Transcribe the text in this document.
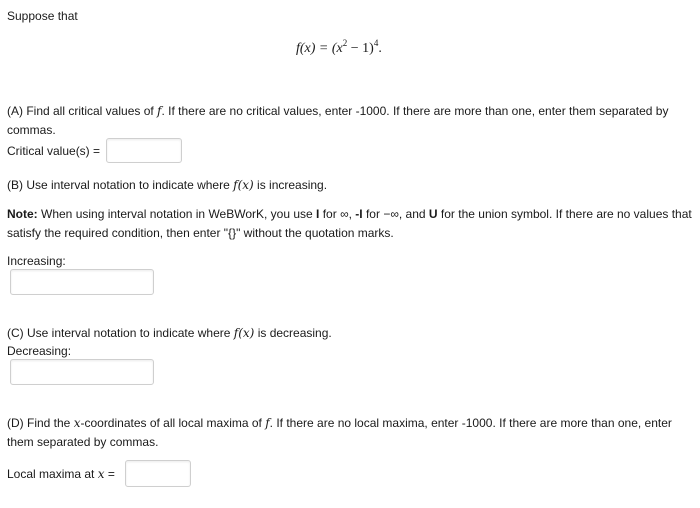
Suppose that
$f(x) = (x^2 - 1)^4$.
(A) Find all critical values of f. If there are no critical values, enter -1000. If there are more than one, enter them separated by commas.
Critical value(s) =
(B) Use interval notation to indicate where f(x) is increasing.
Note: When using interval notation in WeBWorK, you use I for ∞, -I for −∞, and U for the union symbol. If there are no values that satisfy the required condition, then enter "{}" without the quotation marks.
Increasing:
(C) Use interval notation to indicate where f(x) is decreasing.
Decreasing:
(D) Find the x-coordinates of all local maxima of f. If there are no local maxima, enter -1000. If there are more than one, enter them separated by commas.
Local maxima at x =
